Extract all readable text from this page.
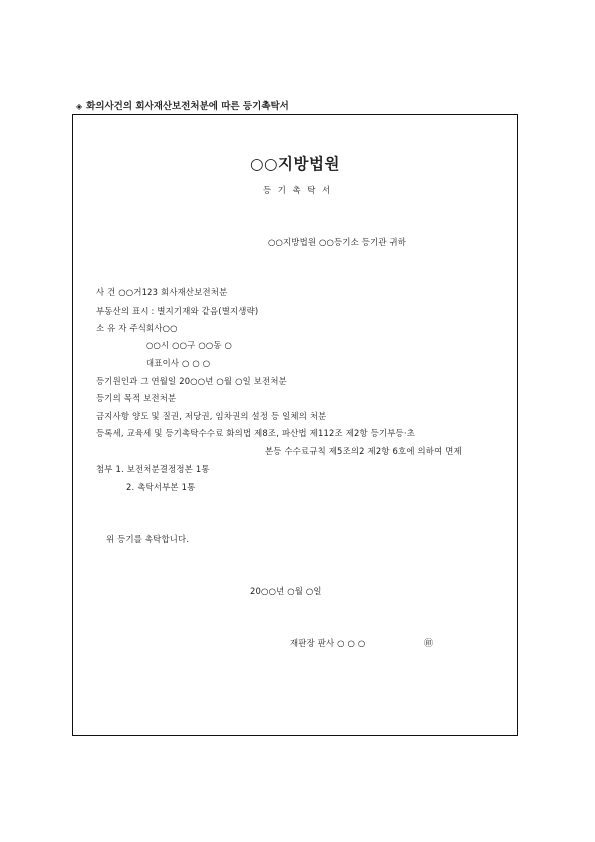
◈ 화의사건의 회사재산보전처분에 따른 등기촉탁서
○○지방법원
등 기 촉 탁 서
○○지방법원 ○○등기소 등기관 귀하
사 건 ○○거123 회사재산보전처분
부동산의 표시 : 별지기재와 같음(별지생략)
소 유 자 주식회사○○
○○시 ○○구 ○○동 ○
대표이사 ○ ○ ○
등기원인과 그 연월일 20○○년 ○월 ○일 보전처분
등기의 목적 보전처분
금지사항 양도 및 질권, 저당권, 임차권의 설정 등 일체의 처분
등록세, 교육세 및 등기촉탁수수료 화의법 제8조, 파산법 제112조 제2항 등기부등·초
본등 수수료규칙 제5조의2 제2항 6호에 의하여 면제
첨부 1. 보전처분결정정본 1통
2. 촉탁서부본 1통
위 등기를 촉탁합니다.
20○○년 ○월 ○일
재판장 판사 ○ ○ ○	㊞
